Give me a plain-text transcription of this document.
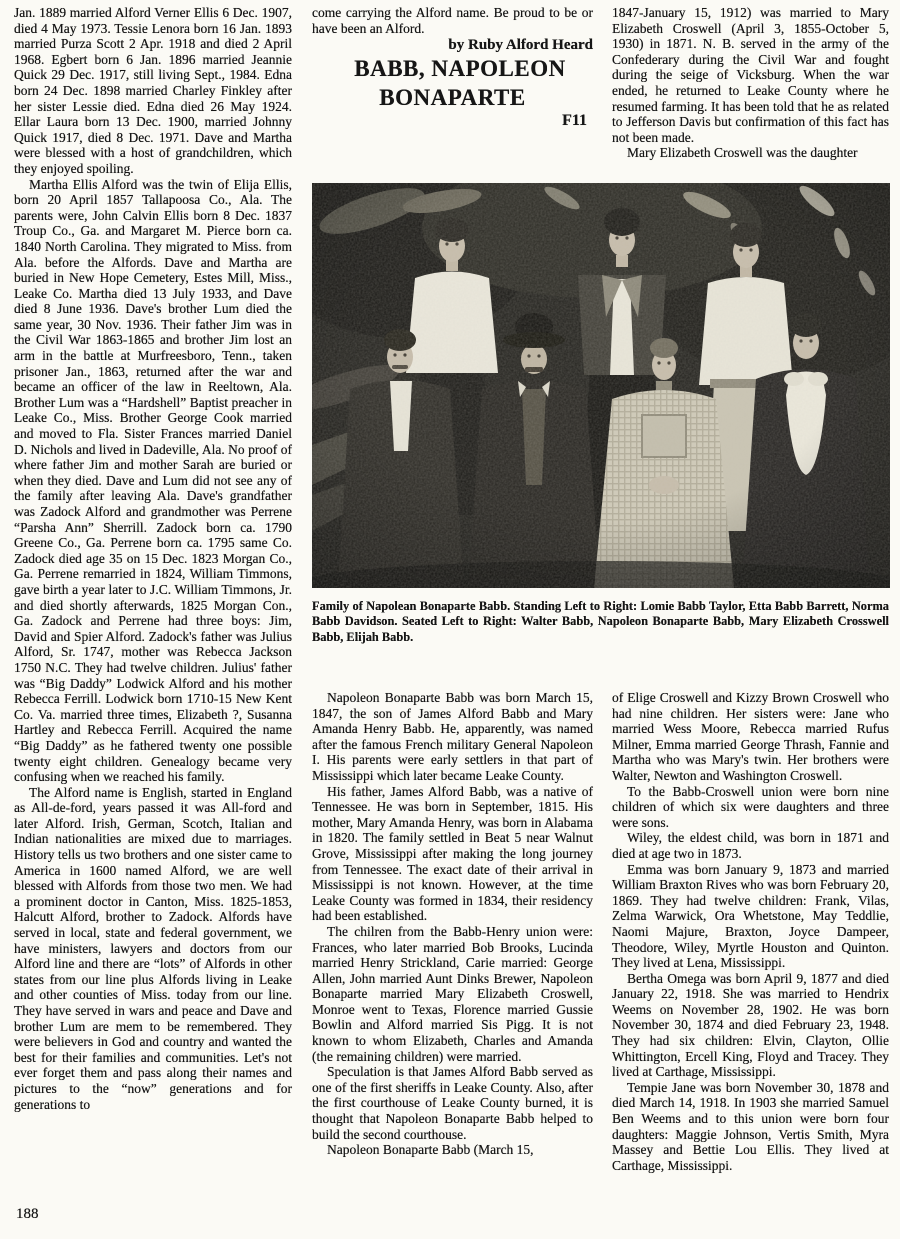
Jan. 1889 married Alford Verner Ellis 6 Dec. 1907, died 4 May 1973. Tessie Lenora born 16 Jan. 1893 married Purza Scott 2 Apr. 1918 and died 2 April 1968. Egbert born 6 Jan. 1896 married Jeannie Quick 29 Dec. 1917, still living Sept., 1984. Edna born 24 Dec. 1898 married Charley Finkley after her sister Lessie died. Edna died 26 May 1924. Ellar Laura born 13 Dec. 1900, married Johnny Quick 1917, died 8 Dec. 1971. Dave and Martha were blessed with a host of grandchildren, which they enjoyed spoiling.

Martha Ellis Alford was the twin of Elija Ellis, born 20 April 1857 Tallapoosa Co., Ala. The parents were, John Calvin Ellis born 8 Dec. 1837 Troup Co., Ga. and Margaret M. Pierce born ca. 1840 North Carolina. They migrated to Miss. from Ala. before the Alfords. Dave and Martha are buried in New Hope Cemetery, Estes Mill, Miss., Leake Co. Martha died 13 July 1933, and Dave died 8 June 1936. Dave's brother Lum died the same year, 30 Nov. 1936. Their father Jim was in the Civil War 1863-1865 and brother Jim lost an arm in the battle at Murfreesboro, Tenn., taken prisoner Jan., 1863, returned after the war and became an officer of the law in Reeltown, Ala. Brother Lum was a “Hardshell” Baptist preacher in Leake Co., Miss. Brother George Cook married and moved to Fla. Sister Frances married Daniel D. Nichols and lived in Dadeville, Ala. No proof of where father Jim and mother Sarah are buried or when they died. Dave and Lum did not see any of the family after leaving Ala. Dave's grandfather was Zadock Alford and grandmother was Perrene “Parsha Ann” Sherrill. Zadock born ca. 1790 Greene Co., Ga. Perrene born ca. 1795 same Co. Zadock died age 35 on 15 Dec. 1823 Morgan Co., Ga. Perrene remarried in 1824, William Timmons, gave birth a year later to J.C. William Timmons, Jr. and died shortly afterwards, 1825 Morgan Con., Ga. Zadock and Perrene had three boys: Jim, David and Spier Alford. Zadock's father was Julius Alford, Sr. 1747, mother was Rebecca Jackson 1750 N.C. They had twelve children. Julius' father was “Big Daddy” Lodwick Alford and his mother Rebecca Ferrill. Lodwick born 1710-15 New Kent Co. Va. married three times, Elizabeth ?, Susanna Hartley and Rebecca Ferrill. Acquired the name “Big Daddy” as he fathered twenty one possible twenty eight children. Genealogy became very confusing when we reached his family.

The Alford name is English, started in England as All-de-ford, years passed it was All-ford and later Alford. Irish, German, Scotch, Italian and Indian nationalities are mixed due to marriages. History tells us two brothers and one sister came to America in 1600 named Alford, we are well blessed with Alfords from those two men. We had a prominent doctor in Canton, Miss. 1825-1853, Halcutt Alford, brother to Zadock. Alfords have served in local, state and federal government, we have ministers, lawyers and doctors from our Alford line and there are “lots” of Alfords in other states from our line plus Alfords living in Leake and other counties of Miss. today from our line. They have served in wars and peace and Dave and brother Lum are mem to be remembered. They were believers in God and country and wanted the best for their families and communities. Let's not ever forget them and pass along their names and pictures to the “now” generations and for generations to

come carrying the Alford name. Be proud to be or have been an Alford.

by Ruby Alford Heard

BABB, NAPOLEON BONAPARTE

F11

1847-January 15, 1912) was married to Mary Elizabeth Croswell (April 3, 1855-October 5, 1930) in 1871. N. B. served in the army of the Confederary during the Civil War and fought during the seige of Vicksburg. When the war ended, he returned to Leake County where he resumed farming. It has been told that he as related to Jefferson Davis but confirmation of this fact has not been made.

Mary Elizabeth Croswell was the daughter

Family of Napolean Bonaparte Babb. Standing Left to Right: Lomie Babb Taylor, Etta Babb Barrett, Norma Babb Davidson. Seated Left to Right: Walter Babb, Napoleon Bonaparte Babb, Mary Elizabeth Crosswell Babb, Elijah Babb.

Napoleon Bonaparte Babb was born March 15, 1847, the son of James Alford Babb and Mary Amanda Henry Babb. He, apparently, was named after the famous French military General Napoleon I. His parents were early settlers in that part of Mississippi which later became Leake County.

His father, James Alford Babb, was a native of Tennessee. He was born in September, 1815. His mother, Mary Amanda Henry, was born in Alabama in 1820. The family settled in Beat 5 near Walnut Grove, Mississippi after making the long journey from Tennessee. The exact date of their arrival in Mississippi is not known. However, at the time Leake County was formed in 1834, their residency had been established.

The chilren from the Babb-Henry union were: Frances, who later married Bob Brooks, Lucinda married Henry Strickland, Carie married: George Allen, John married Aunt Dinks Brewer, Napoleon Bonaparte married Mary Elizabeth Croswell, Monroe went to Texas, Florence married Gussie Bowlin and Alford married Sis Pigg. It is not known to whom Elizabeth, Charles and Amanda (the remaining children) were married.

Speculation is that James Alford Babb served as one of the first sheriffs in Leake County. Also, after the first courthouse of Leake County burned, it is thought that Napoleon Bonaparte Babb helped to build the second courthouse.

Napoleon Bonaparte Babb (March 15,

of Elige Croswell and Kizzy Brown Croswell who had nine children. Her sisters were: Jane who married Wess Moore, Rebecca married Rufus Milner, Emma married George Thrash, Fannie and Martha who was Mary's twin. Her brothers were Walter, Newton and Washington Croswell.

To the Babb-Croswell union were born nine children of which six were daughters and three were sons.

Wiley, the eldest child, was born in 1871 and died at age two in 1873.

Emma was born January 9, 1873 and married William Braxton Rives who was born February 20, 1869. They had twelve children: Frank, Vilas, Zelma Warwick, Ora Whetstone, May Teddlie, Naomi Majure, Braxton, Joyce Dampeer, Theodore, Wiley, Myrtle Houston and Quinton. They lived at Lena, Mississippi.

Bertha Omega was born April 9, 1877 and died January 22, 1918. She was married to Hendrix Weems on November 28, 1902. He was born November 30, 1874 and died February 23, 1948. They had six children: Elvin, Clayton, Ollie Whittington, Ercell King, Floyd and Tracey. They lived at Carthage, Mississippi.

Tempie Jane was born November 30, 1878 and died March 14, 1918. In 1903 she married Samuel Ben Weems and to this union were born four daughters: Maggie Johnson, Vertis Smith, Myra Massey and Bettie Lou Ellis. They lived at Carthage, Mississippi.

188
